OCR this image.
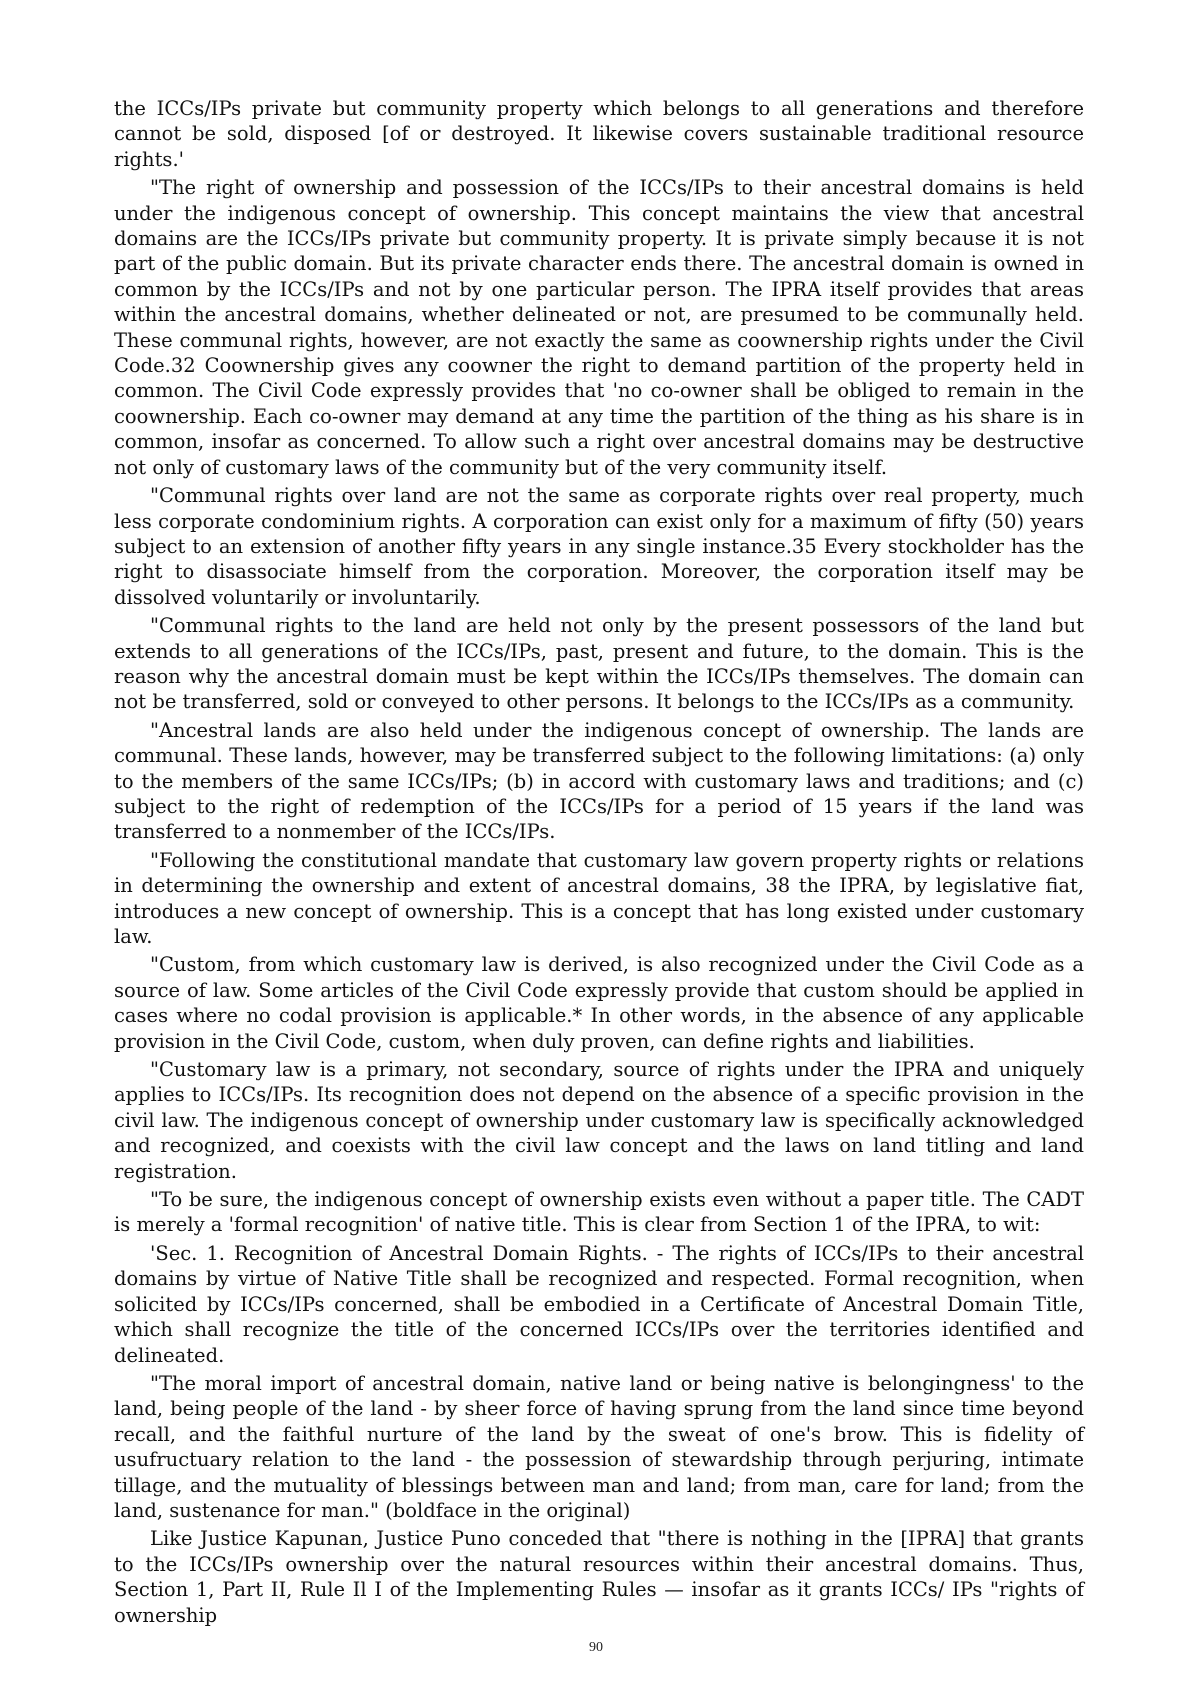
the ICCs/IPs private but community property which belongs to all generations and therefore cannot be sold, disposed [of or destroyed. It likewise covers sustainable traditional resource rights.'

"The right of ownership and possession of the ICCs/IPs to their ancestral domains is held under the indigenous concept of ownership. This concept maintains the view that ancestral domains are the ICCs/IPs private but community property. It is private simply because it is not part of the public domain. But its private character ends there. The ancestral domain is owned in common by the ICCs/IPs and not by one particular person. The IPRA itself provides that areas within the ancestral domains, whether delineated or not, are presumed to be communally held. These communal rights, however, are not exactly the same as coownership rights under the Civil Code.32 Coownership gives any coowner the right to demand partition of the property held in common. The Civil Code expressly provides that 'no co-owner shall be obliged to remain in the coownership. Each co-owner may demand at any time the partition of the thing as his share is in common, insofar as concerned. To allow such a right over ancestral domains may be destructive not only of customary laws of the community but of the very community itself.

"Communal rights over land are not the same as corporate rights over real property, much less corporate condominium rights. A corporation can exist only for a maximum of fifty (50) years subject to an extension of another fifty years in any single instance.35 Every stockholder has the right to disassociate himself from the corporation. Moreover, the corporation itself may be dissolved voluntarily or involuntarily.

"Communal rights to the land are held not only by the present possessors of the land but extends to all generations of the ICCs/IPs, past, present and future, to the domain. This is the reason why the ancestral domain must be kept within the ICCs/IPs themselves. The domain can not be transferred, sold or conveyed to other persons. It belongs to the ICCs/IPs as a community.

"Ancestral lands are also held under the indigenous concept of ownership. The lands are communal. These lands, however, may be transferred subject to the following limitations: (a) only to the members of the same ICCs/IPs; (b) in accord with customary laws and traditions; and (c) subject to the right of redemption of the ICCs/IPs for a period of 15 years if the land was transferred to a nonmember of the ICCs/IPs.

"Following the constitutional mandate that customary law govern property rights or relations in determining the ownership and extent of ancestral domains, 38 the IPRA, by legislative fiat, introduces a new concept of ownership. This is a concept that has long existed under customary law.

"Custom, from which customary law is derived, is also recognized under the Civil Code as a source of law. Some articles of the Civil Code expressly provide that custom should be applied in cases where no codal provision is applicable.* In other words, in the absence of any applicable provision in the Civil Code, custom, when duly proven, can define rights and liabilities.

"Customary law is a primary, not secondary, source of rights under the IPRA and uniquely applies to ICCs/IPs. Its recognition does not depend on the absence of a specific provision in the civil law. The indigenous concept of ownership under customary law is specifically acknowledged and recognized, and coexists with the civil law concept and the laws on land titling and land registration.

"To be sure, the indigenous concept of ownership exists even without a paper title. The CADT is merely a 'formal recognition' of native title. This is clear from Section 1 of the IPRA, to wit:

'Sec. 1. Recognition of Ancestral Domain Rights. - The rights of ICCs/IPs to their ancestral domains by virtue of Native Title shall be recognized and respected. Formal recognition, when solicited by ICCs/IPs concerned, shall be embodied in a Certificate of Ancestral Domain Title, which shall recognize the title of the concerned ICCs/IPs over the territories identified and delineated.

"The moral import of ancestral domain, native land or being native is belongingness' to the land, being people of the land - by sheer force of having sprung from the land since time beyond recall, and the faithful nurture of the land by the sweat of one's brow. This is fidelity of usufructuary relation to the land - the possession of stewardship through perjuring, intimate tillage, and the mutuality of blessings between man and land; from man, care for land; from the land, sustenance for man." (boldface in the original)

Like Justice Kapunan, Justice Puno conceded that "there is nothing in the [IPRA] that grants to the ICCs/IPs ownership over the natural resources within their ancestral domains. Thus, Section 1, Part II, Rule Il I of the Implementing Rules — insofar as it grants ICCs/ IPs "rights of ownership

90
